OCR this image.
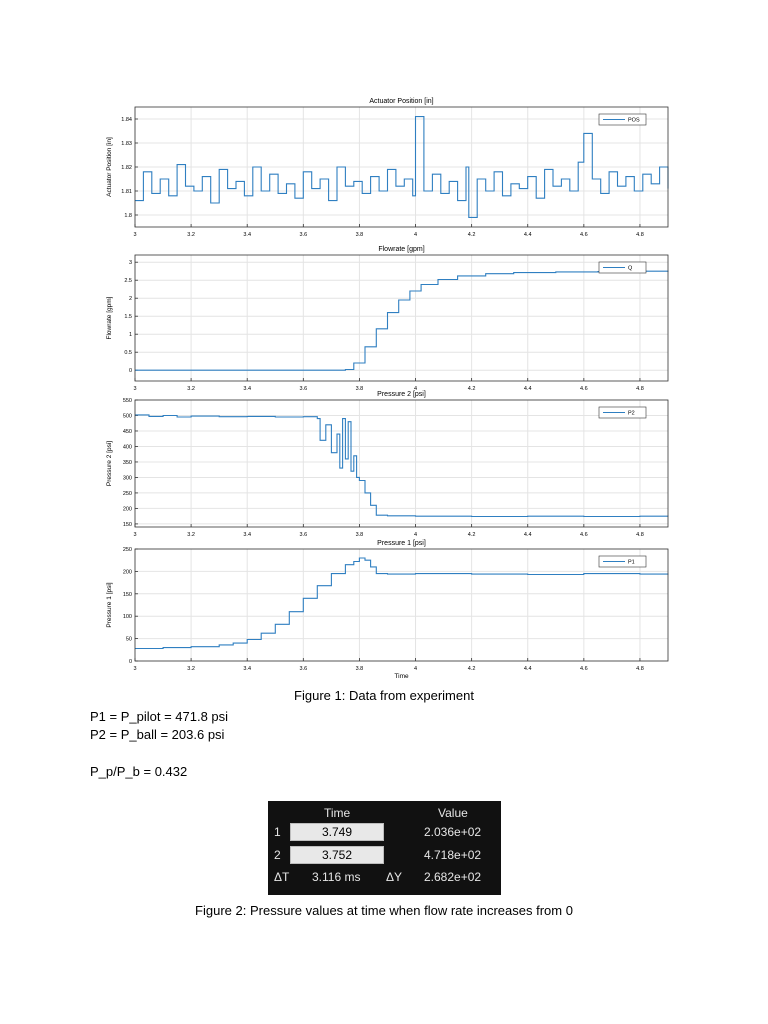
3	3.2	3.4	3.6	3.8	4	4.2	4.4	4.6	4.8
1.8
1.81
1.82
1.83
1.84
Actuator Position [in]
Actuator Position [in]
POS
3	3.2	3.4	3.6	3.8	4	4.2	4.4	4.6	4.8
0
0.5
1
1.5
2
2.5
3
Flowrate [gpm]
Flowrate [gpm]
Q
3	3.2	3.4	3.6	3.8	4	4.2	4.4	4.6	4.8
150
200
250
300
350
400
450
500
550
Pressure 2 [psi]
Pressure 2 [psi]
P2
3	3.2	3.4	3.6	3.8	4	4.2	4.4	4.6	4.8
0
50
100
150
200
250
Pressure 1 [psi]
Pressure 1 [psi]
Time
P1
Figure 1: Data from experiment
P1 = P_pilot = 471.8 psi
P2 = P_ball = 203.6 psi
P_p/P_b = 0.432
Time	Value
1	3.749	2.036e+02
2	3.752	4.718e+02
ΔT 3.116 ms ΔY 2.682e+02
Figure 2: Pressure values at time when flow rate increases from 0
